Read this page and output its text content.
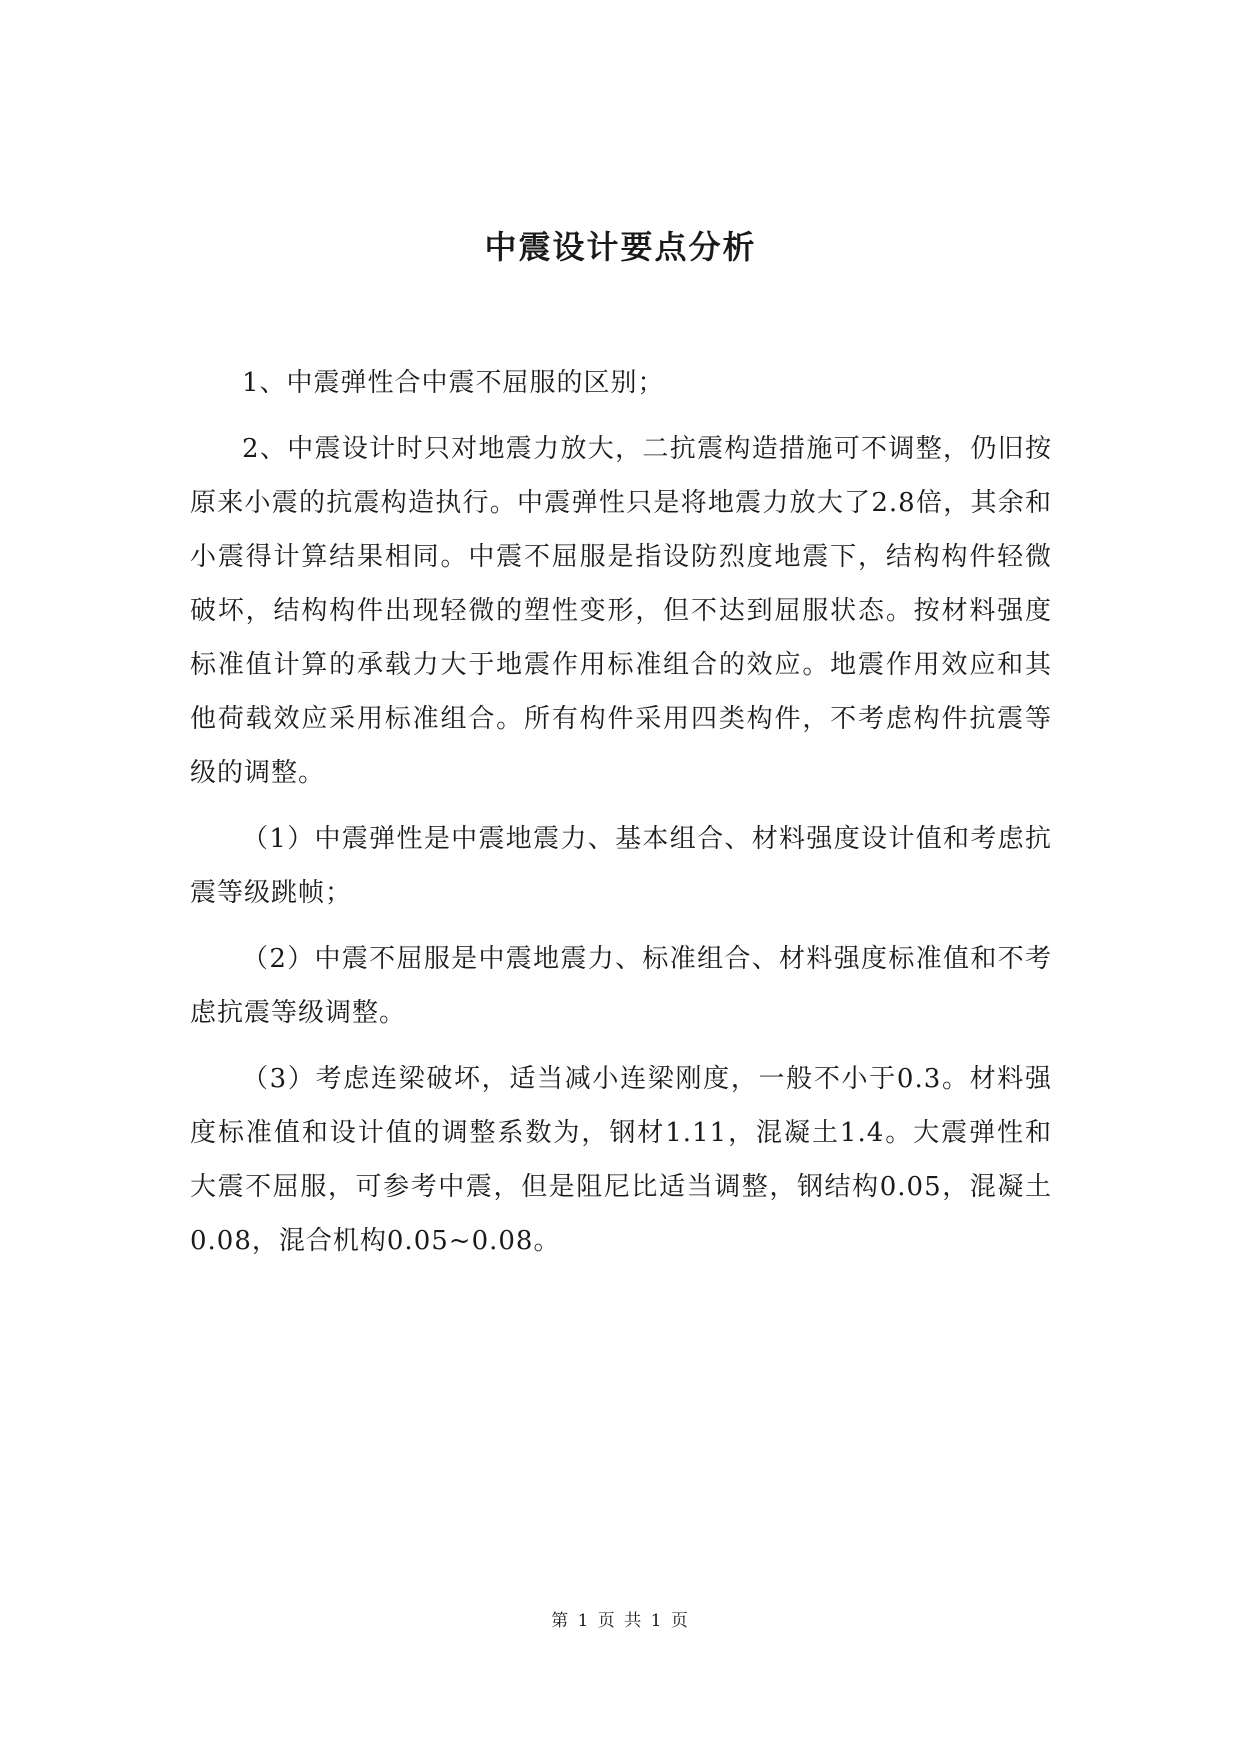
中震设计要点分析

1、中震弹性合中震不屈服的区别；

2、中震设计时只对地震力放大，二抗震构造措施可不调整，仍旧按原来小震的抗震构造执行。中震弹性只是将地震力放大了2.8倍，其余和小震得计算结果相同。中震不屈服是指设防烈度地震下，结构构件轻微破坏，结构构件出现轻微的塑性变形，但不达到屈服状态。按材料强度标准值计算的承载力大于地震作用标准组合的效应。地震作用效应和其他荷载效应采用标准组合。所有构件采用四类构件，不考虑构件抗震等级的调整。

（1）中震弹性是中震地震力、基本组合、材料强度设计值和考虑抗震等级跳帧；

（2）中震不屈服是中震地震力、标准组合、材料强度标准值和不考虑抗震等级调整。

（3）考虑连梁破坏，适当减小连梁刚度，一般不小于0.3。材料强度标准值和设计值的调整系数为，钢材1.11，混凝土1.4。大震弹性和大震不屈服，可参考中震，但是阻尼比适当调整，钢结构0.05，混凝土0.08，混合机构0.05~0.08。

第 1 页 共 1 页
